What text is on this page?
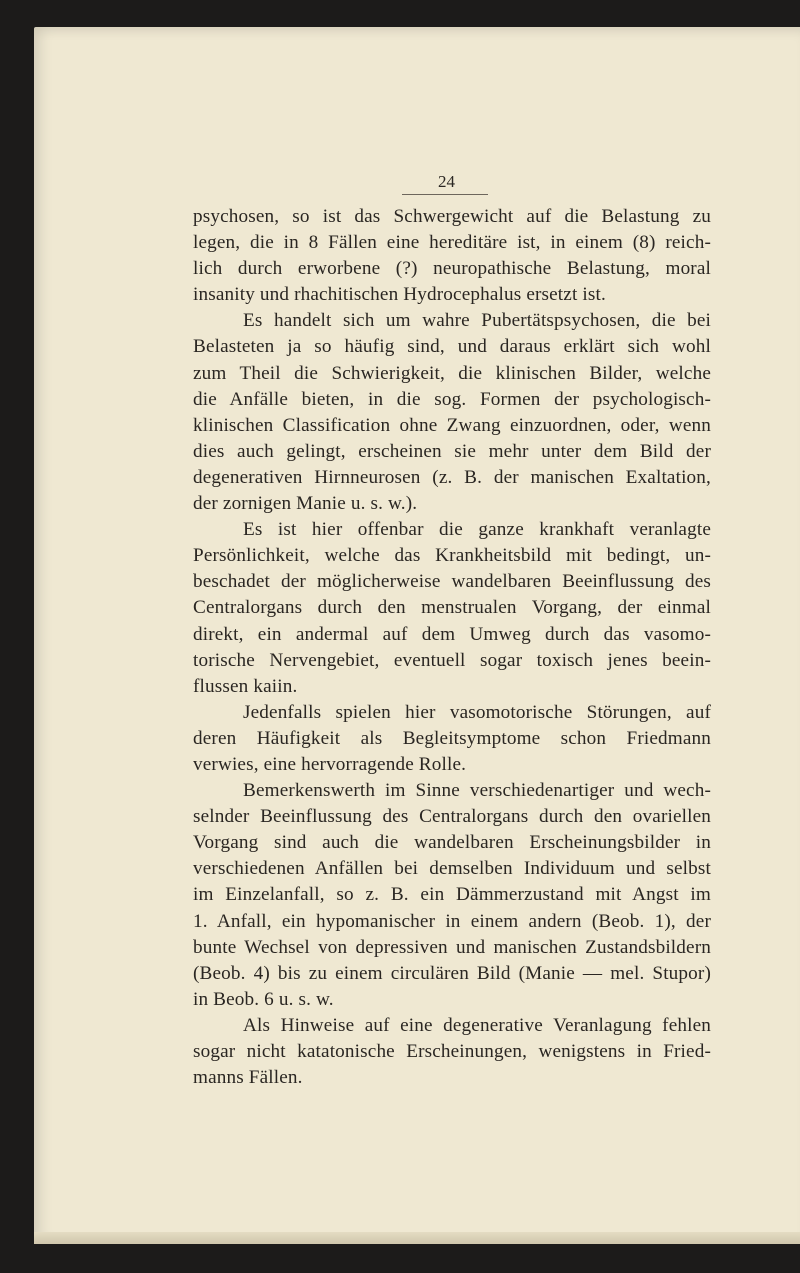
24
psychosen, so ist das Schwergewicht auf die Belastung zu
legen, die in 8 Fällen eine hereditäre ist, in einem (8) reich-
lich durch erworbene (?) neuropathische Belastung, moral
insanity und rhachitischen Hydrocephalus ersetzt ist.
Es handelt sich um wahre Pubertätspsychosen, die bei
Belasteten ja so häufig sind, und daraus erklärt sich wohl
zum Theil die Schwierigkeit, die klinischen Bilder, welche
die Anfälle bieten, in die sog. Formen der psychologisch-
klinischen Classification ohne Zwang einzuordnen, oder, wenn
dies auch gelingt, erscheinen sie mehr unter dem Bild der
degenerativen Hirnneurosen (z. B. der manischen Exaltation,
der zornigen Manie u. s. w.).
Es ist hier offenbar die ganze krankhaft veranlagte
Persönlichkeit, welche das Krankheitsbild mit bedingt, un-
beschadet der möglicherweise wandelbaren Beeinflussung des
Centralorgans durch den menstrualen Vorgang, der einmal
direkt, ein andermal auf dem Umweg durch das vasomo-
torische Nervengebiet, eventuell sogar toxisch jenes beein-
flussen kaiin.
Jedenfalls spielen hier vasomotorische Störungen, auf
deren Häufigkeit als Begleitsymptome schon Friedmann
verwies, eine hervorragende Rolle.
Bemerkenswerth im Sinne verschiedenartiger und wech-
selnder Beeinflussung des Centralorgans durch den ovariellen
Vorgang sind auch die wandelbaren Erscheinungsbilder in
verschiedenen Anfällen bei demselben Individuum und selbst
im Einzelanfall, so z. B. ein Dämmerzustand mit Angst im
1. Anfall, ein hypomanischer in einem andern (Beob. 1), der
bunte Wechsel von depressiven und manischen Zustandsbildern
(Beob. 4) bis zu einem circulären Bild (Manie — mel. Stupor)
in Beob. 6 u. s. w.
Als Hinweise auf eine degenerative Veranlagung fehlen
sogar nicht katatonische Erscheinungen, wenigstens in Fried-
manns Fällen.
